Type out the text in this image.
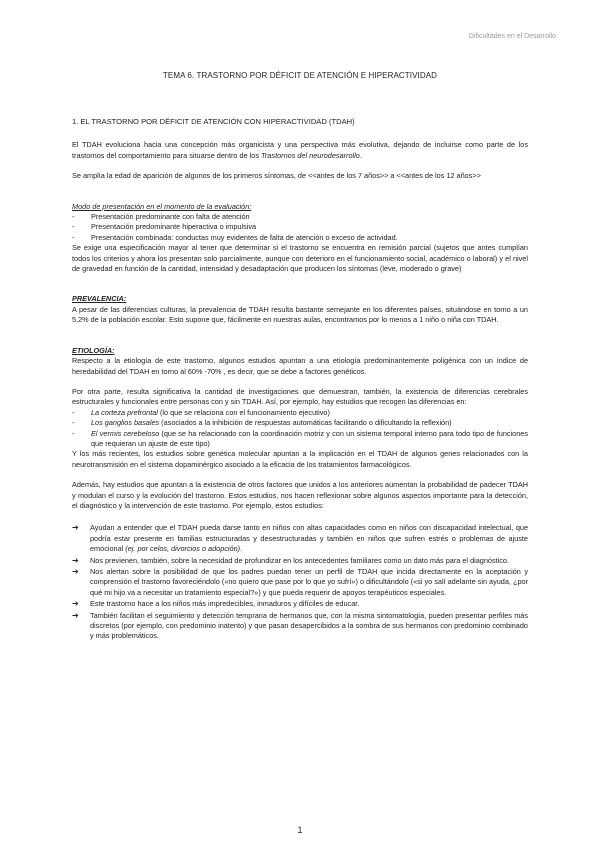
Dificultades en el Desarrollo
TEMA 6. TRASTORNO POR DÉFICIT DE ATENCIÓN E HIPERACTIVIDAD

1. EL TRASTORNO POR DÉFICIT DE ATENCIÓN CON HIPERACTIVIDAD (TDAH)

El TDAH evoluciona hacia una concepción más organicista y una perspectiva más evolutiva, dejando de incluirse como parte de los trastornos del comportamiento para situarse dentro de los Trastornos del neurodesarrollo.

Se amplía la edad de aparición de algunos de los primeros síntomas, de <<antes de los 7 años>> a <<antes de los 12 años>>

Modo de presentación en el momento de la evaluación:

- Presentación predominante con falta de atención
- Presentación predominante hiperactiva o impulsiva
- Presentación combinada: conductas muy evidentes de falta de atención o exceso de actividad.

Se exige una especificación mayor al tener que determinar si el trastorno se encuentra en remisión parcial (sujetos que antes cumplían todos los criterios y ahora los presentan solo parcialmente, aunque con deterioro en el funcionamiento social, académico o laboral) y el nivel de gravedad en función de la cantidad, intensidad y desadaptación que producen los síntomas (leve, moderado o grave)

PREVALENCIA:

A pesar de las diferencias culturas, la prevalencia de TDAH resulta bastante semejante en los diferentes países, situándose en torno a un 5,2% de la población escolar. Esto supone que, fácilmente en nuestras aulas, encontramos por lo menos a 1 niño o niña con TDAH.

ETIOLOGÍA:

Respecto a la etiología de este trastorno, algunos estudios apuntan a una etiología predominantemente poligénica con un índice de heredabilidad del TDAH en torno al 60% -70% , es decir, que se debe a factores genéticos.

Por otra parte, resulta significativa la cantidad de investigaciones que demuestran, también, la existencia de diferencias cerebrales estructurales y funcionales entre personas con y sin TDAH. Así, por ejemplo, hay estudios que recogen las diferencias en:

- La corteza prefrontal (lo que se relaciona con el funcionamiento ejecutivo)
- Los ganglios basales (asociados a la inhibición de respuestas automáticas facilitando o dificultando la reflexión)
- El vermis cerebeloso (que se ha relacionado con la coordinación motriz y con un sistema temporal interno para todo tipo de funciones que requieran un ajuste de este tipo)

Y los más recientes, los estudios sobre genética molecular apuntan a la implicación en el TDAH de algunos genes relacionados con la neurotransmisión en el sistema dopaminérgico asociado a la eficacia de los tratamientos farmacológicos.

Además, hay estudios que apuntan a la existencia de otros factores que unidos a los anteriores aumentan la probabilidad de padecer TDAH y modulan el curso y la evolución del trastorno. Estos estudios, nos hacen reflexionar sobre algunos aspectos importante para la detección, el diagnóstico y la intervención de este trastorno. Por ejemplo, estos estudios:

➔ Ayudan a entender que el TDAH pueda darse tanto en niños con altas capacidades como en niños con discapacidad intelectual, que podría estar presente en familias estructuradas y desestructuradas y también en niños que sufren estrés o problemas de ajuste emocional (ej. por celos, divorcios o adopción).
➔ Nos previenen, también, sobre la necesidad de profundizar en los antecedentes familiares como un dato más para el diagnóstico.
➔ Nos alertan sobre la posibilidad de que los padres puedan tener un perfil de TDAH que incida directamente en la aceptación y comprensión el trastorno favoreciéndolo («no quiero que pase por lo que yo sufrí») o dificultándolo («si yo salí adelante sin ayuda, ¿por qué mi hijo va a necesitar un tratamiento especial?») y que pueda requerir de apoyos terapéuticos especiales.
➔ Este trastorno hace a los niños más impredecibles, inmaduros y difíciles de educar.
➔ También facilitan el seguimiento y detección temprana de hermanos que, con la misma sintomatología, pueden presentar perfiles más discretos (por ejemplo, con predominio inatento) y que pasan desapercibidos a la sombra de sus hermanos con predominio combinado y más problemáticos.
1
